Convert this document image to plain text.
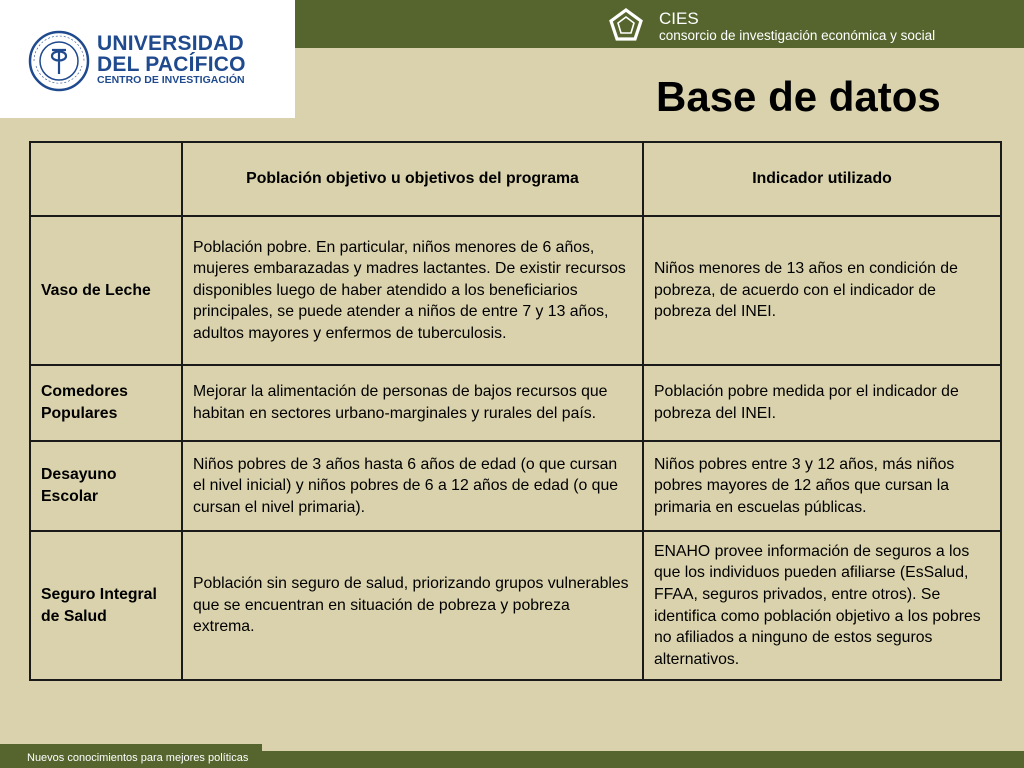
UNIVERSIDAD
DEL PACÍFICO
CENTRO DE INVESTIGACIÓN
CIES
consorcio de investigación económica y social
Base de datos
	Población objetivo u objetivos del programa	Indicador utilizado
Vaso de Leche	Población pobre. En particular, niños menores de 6 años, mujeres embarazadas y madres lactantes. De existir recursos disponibles luego de haber atendido a los beneficiarios principales, se puede atender a niños de entre 7 y 13 años, adultos mayores y enfermos de tuberculosis.	Niños menores de 13 años en condición de pobreza, de acuerdo con el indicador de pobreza del INEI.
Comedores Populares	Mejorar la alimentación de personas de bajos recursos que habitan en sectores urbano-marginales y rurales del país.	Población pobre medida por el indicador de pobreza del INEI.
Desayuno Escolar	Niños pobres de 3 años hasta 6 años de edad (o que cursan el nivel inicial) y niños pobres de 6 a 12 años de edad (o que cursan el nivel primaria).	Niños pobres entre 3 y 12 años, más niños pobres mayores de 12 años que cursan la primaria en escuelas públicas.
Seguro Integral de Salud	Población sin seguro de salud, priorizando grupos vulnerables que se encuentran en situación de pobreza y pobreza extrema.	ENAHO provee información de seguros a los que los individuos pueden afiliarse (EsSalud, FFAA, seguros privados, entre otros). Se identifica como población objetivo a los pobres no afiliados a ninguno de estos seguros alternativos.
Nuevos conocimientos para mejores políticas
